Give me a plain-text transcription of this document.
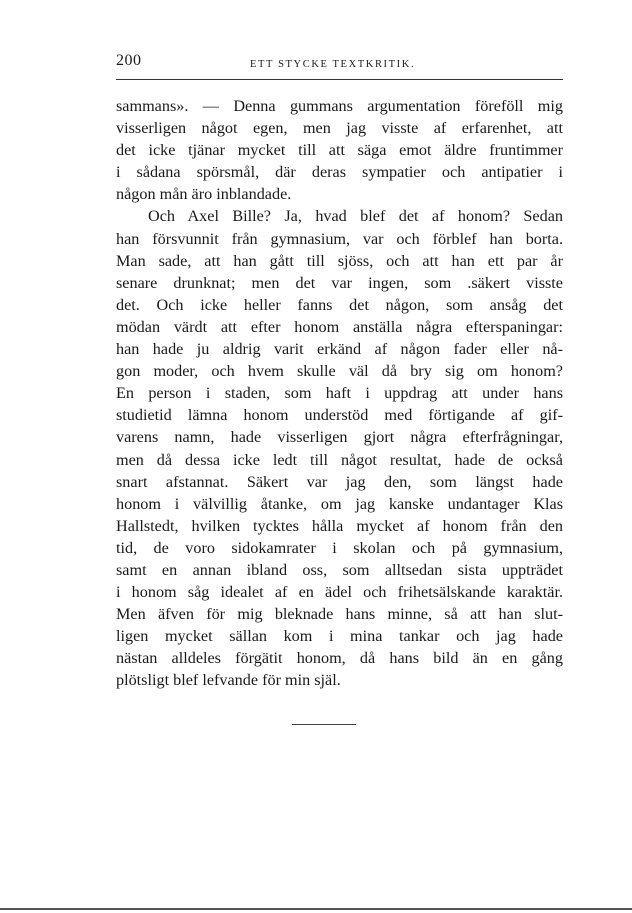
200	ETT STYCKE TEXTKRITIK.
sammans». — Denna gummans argumentation föreföll mig
visserligen något egen, men jag visste af erfarenhet, att
det icke tjänar mycket till att säga emot äldre fruntimmer
i sådana spörsmål, där deras sympatier och antipatier i
någon mån äro inblandade.
Och Axel Bille? Ja, hvad blef det af honom? Sedan
han försvunnit från gymnasium, var och förblef han borta.
Man sade, att han gått till sjöss, och att han ett par år
senare drunknat; men det var ingen, som .säkert visste
det. Och icke heller fanns det någon, som ansåg det
mödan värdt att efter honom anställa några efterspaningar:
han hade ju aldrig varit erkänd af någon fader eller nå-
gon moder, och hvem skulle väl då bry sig om honom?
En person i staden, som haft i uppdrag att under hans
studietid lämna honom understöd med förtigande af gif-
varens namn, hade visserligen gjort några efterfrågningar,
men då dessa icke ledt till något resultat, hade de också
snart afstannat. Säkert var jag den, som längst hade
honom i välvillig åtanke, om jag kanske undantager Klas
Hallstedt, hvilken tycktes hålla mycket af honom från den
tid, de voro sidokamrater i skolan och på gymnasium,
samt en annan ibland oss, som alltsedan sista uppträdet
i honom såg idealet af en ädel och frihetsälskande karaktär.
Men äfven för mig bleknade hans minne, så att han slut-
ligen mycket sällan kom i mina tankar och jag hade
nästan alldeles förgätit honom, då hans bild än en gång
plötsligt blef lefvande för min själ.
